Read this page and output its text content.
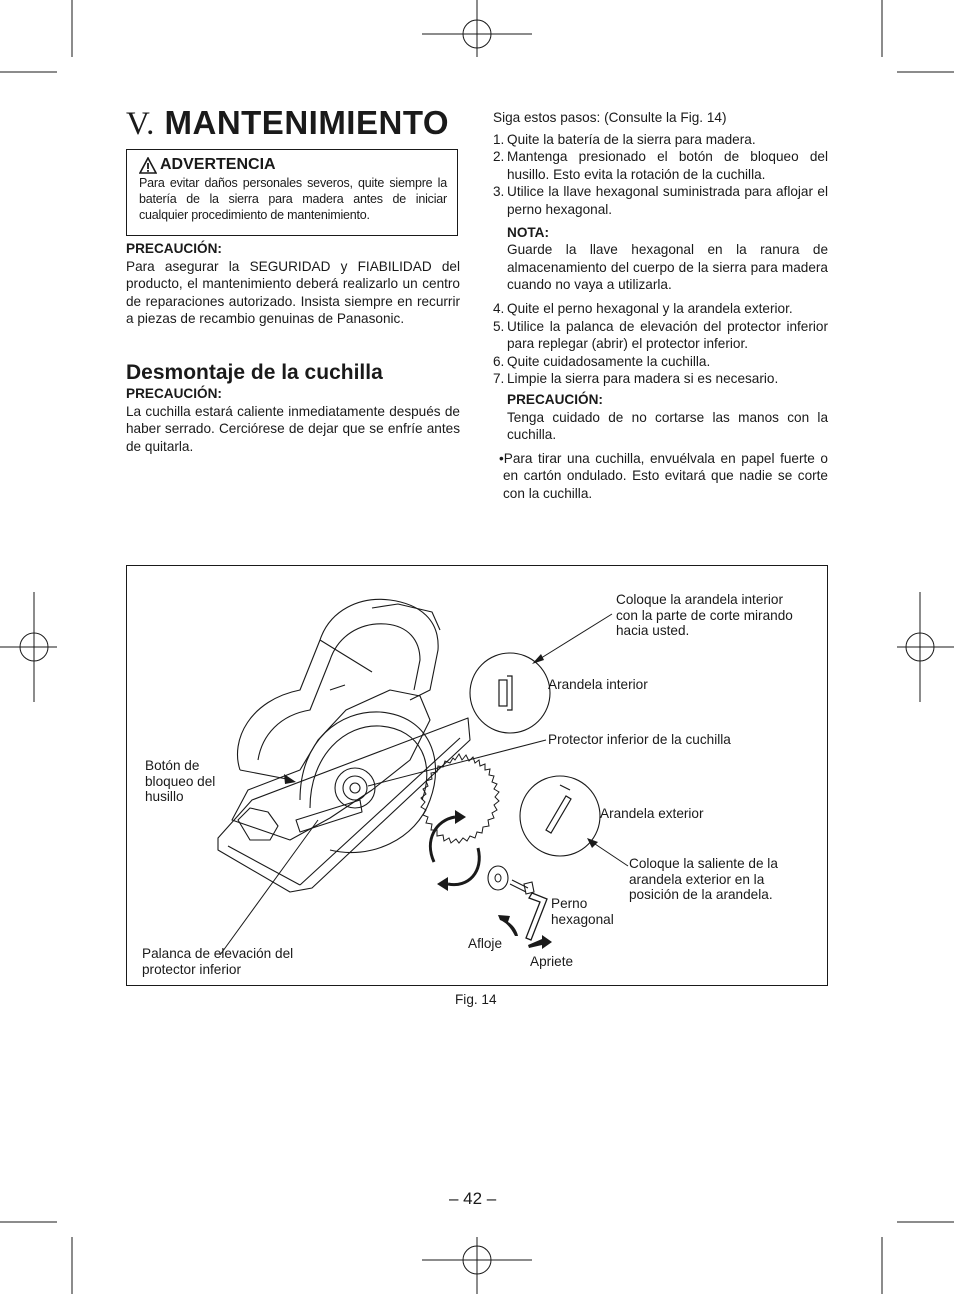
V. MANTENIMIENTO
ADVERTENCIA
Para evitar daños personales severos, quite siempre la batería de la sierra para madera antes de iniciar cualquier procedimiento de mantenimiento.
PRECAUCIÓN:
Para asegurar la SEGURIDAD y FIABILIDAD del producto, el mantenimiento deberá realizarlo un centro de reparaciones autorizado. Insista siempre en recurrir a piezas de recambio genuinas de Panasonic.
Desmontaje de la cuchilla
PRECAUCIÓN:
La cuchilla estará caliente inmediatamente después de haber serrado. Cerciórese de dejar que se enfríe antes de quitarla.
Siga estos pasos: (Consulte la Fig. 14)
1. Quite la batería de la sierra para madera.
2. Mantenga presionado el botón de bloqueo del husillo. Esto evita la rotación de la cuchilla.
3. Utilice la llave hexagonal suministrada para aflojar el perno hexagonal.
NOTA:
Guarde la llave hexagonal en la ranura de almacenamiento del cuerpo de la sierra para madera cuando no vaya a utilizarla.
4. Quite el perno hexagonal y la arandela exterior.
5. Utilice la palanca de elevación del protector inferior para replegar (abrir) el protector inferior.
6. Quite cuidadosamente la cuchilla.
7. Limpie la sierra para madera si es necesario.
PRECAUCIÓN:
Tenga cuidado de no cortarse las manos con la cuchilla.
•Para tirar una cuchilla, envuélvala en papel fuerte o en cartón ondulado. Esto evitará que nadie se corte con la cuchilla.
Coloque la arandela interior
con la parte de corte mirando
hacia usted.
Arandela interior
Protector inferior de la cuchilla
Botón de
bloqueo del
husillo
Arandela exterior
Coloque la saliente de la
arandela exterior en la
posición de la arandela.
Perno
hexagonal
Afloje
Apriete
Palanca de elevación del
protector inferior
Fig. 14
– 42 –
